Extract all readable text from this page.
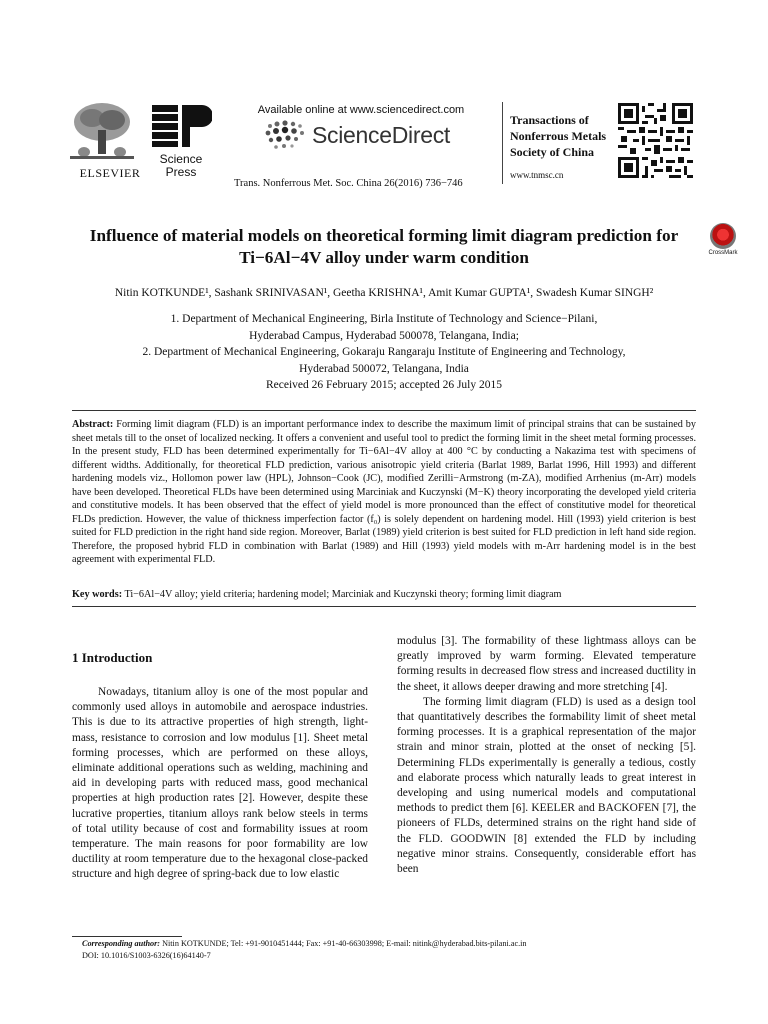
ELSEVIER
Science
Press
Available online at www.sciencedirect.com
ScienceDirect
Trans. Nonferrous Met. Soc. China 26(2016) 736−746
Transactions of
Nonferrous Metals
Society of China
www.tnmsc.cn
CrossMark
Influence of material models on theoretical forming limit diagram prediction for
Ti−6Al−4V alloy under warm condition
Nitin KOTKUNDE¹, Sashank SRINIVASAN¹, Geetha KRISHNA¹, Amit Kumar GUPTA¹, Swadesh Kumar SINGH²
1. Department of Mechanical Engineering, Birla Institute of Technology and Science−Pilani,
Hyderabad Campus, Hyderabad 500078, Telangana, India;
2. Department of Mechanical Engineering, Gokaraju Rangaraju Institute of Engineering and Technology,
Hyderabad 500072, Telangana, India
Received 26 February 2015; accepted 26 July 2015
Abstract: Forming limit diagram (FLD) is an important performance index to describe the maximum limit of principal strains that can be sustained by sheet metals till to the onset of localized necking. It offers a convenient and useful tool to predict the forming limit in the sheet metal forming processes. In the present study, FLD has been determined experimentally for Ti−6Al−4V alloy at 400 °C by conducting a Nakazima test with specimens of different widths. Additionally, for theoretical FLD prediction, various anisotropic yield criteria (Barlat 1989, Barlat 1996, Hill 1993) and different hardening models viz., Hollomon power law (HPL), Johnson−Cook (JC), modified Zerilli−Armstrong (m-ZA), modified Arrhenius (m-Arr) models have been developed. Theoretical FLDs have been determined using Marciniak and Kuczynski (M−K) theory incorporating the developed yield criteria and constitutive models. It has been observed that the effect of yield model is more pronounced than the effect of constitutive model for theoretical FLDs prediction. However, the value of thickness imperfection factor (f₀) is solely dependent on hardening model. Hill (1993) yield criterion is best suited for FLD prediction in the right hand side region. Moreover, Barlat (1989) yield criterion is best suited for FLD prediction in left hand side region. Therefore, the proposed hybrid FLD in combination with Barlat (1989) and Hill (1993) yield models with m-Arr hardening model is in the best agreement with experimental FLD.
Key words: Ti−6Al−4V alloy; yield criteria; hardening model; Marciniak and Kuczynski theory; forming limit diagram
1 Introduction

Nowadays, titanium alloy is one of the most popular and commonly used alloys in automobile and aerospace industries. This is due to its attractive properties of high strength, light-mass, resistance to corrosion and low modulus [1]. Sheet metal forming processes, which are performed on these alloys, eliminate additional operations such as welding, machining and aid in developing parts with reduced mass, good mechanical properties at high production rates [2]. However, despite these lucrative properties, titanium alloys rank below steels in terms of total utility because of cost and formability issues at room temperature. The main reasons for poor formability are low ductility at room temperature due to the hexagonal close-packed structure and high degree of spring-back due to low elastic

modulus [3]. The formability of these lightmass alloys can be greatly improved by warm forming. Elevated temperature forming results in decreased flow stress and increased ductility in the sheet, it allows deeper drawing and more stretching [4].

The forming limit diagram (FLD) is used as a design tool that quantitatively describes the formability limit of sheet metal forming processes. It is a graphical representation of the major strain and minor strain, plotted at the onset of necking [5]. Determining FLDs experimentally is generally a tedious, costly and elaborate process which naturally leads to great interest in developing and using numerical models and computational methods to predict them [6]. KEELER and BACKOFEN [7], the pioneers of FLDs, determined strains on the right hand side of the FLD. GOODWIN [8] extended the FLD by including negative minor strains. Consequently, considerable effort has been

Corresponding author: Nitin KOTKUNDE; Tel: +91-9010451444; Fax: +91-40-66303998; E-mail: nitink@hyderabad.bits-pilani.ac.in
DOI: 10.1016/S1003-6326(16)64140-7
